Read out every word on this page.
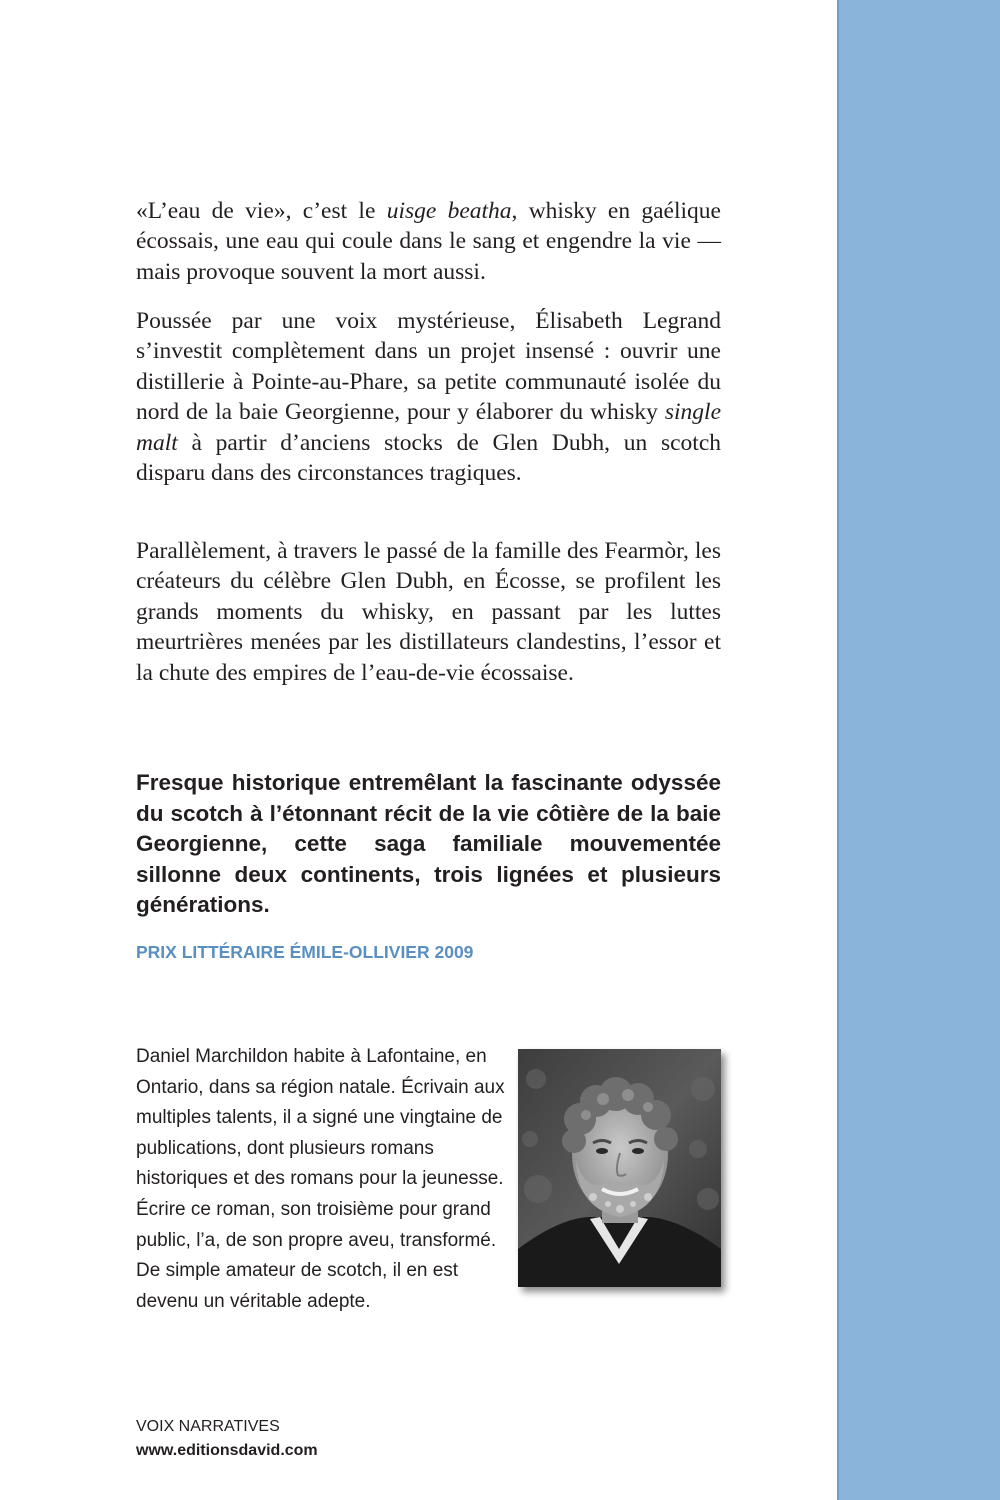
«L’eau de vie», c’est le uisge beatha, whisky en gaélique écossais, une eau qui coule dans le sang et engendre la vie — mais provoque souvent la mort aussi.

Poussée par une voix mystérieuse, Élisabeth Legrand s’investit complètement dans un projet insensé : ouvrir une distillerie à Pointe-au-Phare, sa petite communauté isolée du nord de la baie Georgienne, pour y élaborer du whisky single malt à partir d’anciens stocks de Glen Dubh, un scotch disparu dans des circonstances tragiques.

Parallèlement, à travers le passé de la famille des Fearmòr, les créateurs du célèbre Glen Dubh, en Écosse, se profilent les grands moments du whisky, en passant par les luttes meurtrières menées par les distillateurs clandestins, l’essor et la chute des empires de l’eau-de-vie écossaise.

Fresque historique entremêlant la fascinante odyssée du scotch à l’étonnant récit de la vie côtière de la baie Georgienne, cette saga familiale mouvementée sillonne deux continents, trois lignées et plusieurs générations.

PRIX LITTÉRAIRE ÉMILE-OLLIVIER 2009

Daniel Marchildon habite à Lafontaine, en Ontario, dans sa région natale. Écrivain aux multiples talents, il a signé une vingtaine de publications, dont plusieurs romans historiques et des romans pour la jeunesse. Écrire ce roman, son troisième pour grand public, l’a, de son propre aveu, transformé. De simple amateur de scotch, il en est devenu un véritable adepte.

VOIX NARRATIVES

www.editionsdavid.com
